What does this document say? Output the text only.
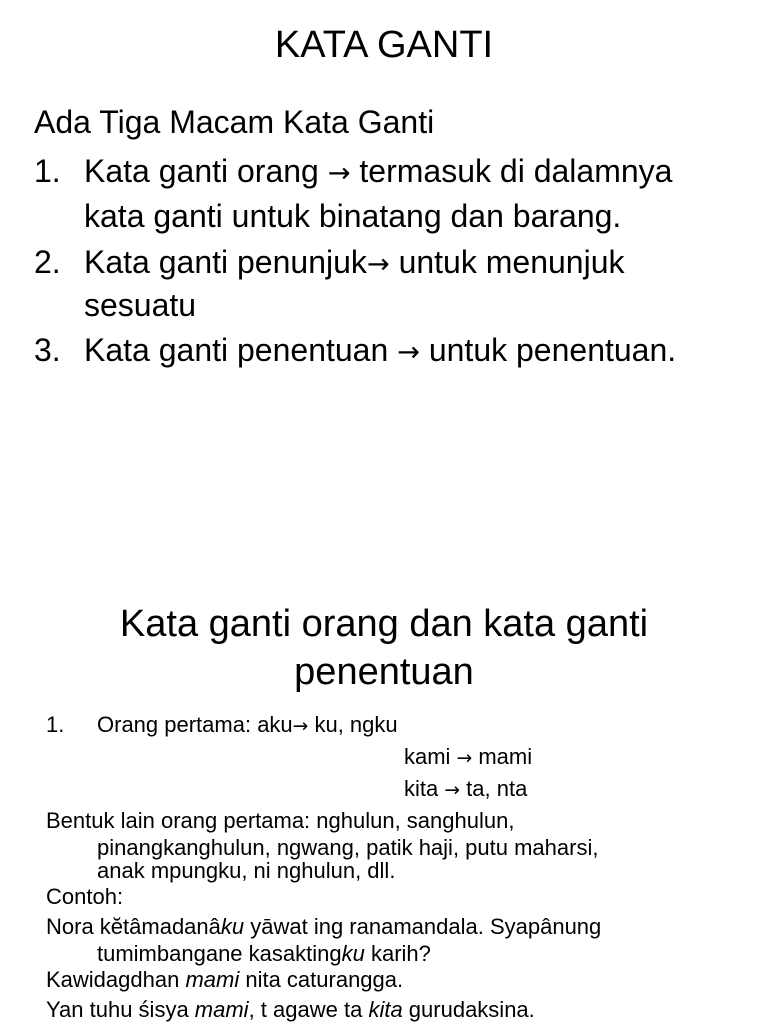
KATA GANTI
Ada Tiga Macam Kata Ganti
1. Kata ganti orang → termasuk di dalamnya
kata ganti untuk binatang dan barang.
2. Kata ganti penunjuk→ untuk menunjuk
sesuatu
3. Kata ganti penentuan → untuk penentuan.
Kata ganti orang dan kata ganti
penentuan
1. Orang pertama: aku→ ku, ngku
kami → mami
kita → ta, nta
Bentuk lain orang pertama: nghulun, sanghulun,
pinangkanghulun, ngwang, patik haji, putu maharsi,
anak mpungku, ni nghulun, dll.
Contoh:
Nora kĕtâmadanâku yāwat ing ranamandala. Syapânung
tumimbangane kasaktingku karih?
Kawidagdhan mami nita caturangga.
Yan tuhu śisya mami, t agawe ta kita gurudaksina.
